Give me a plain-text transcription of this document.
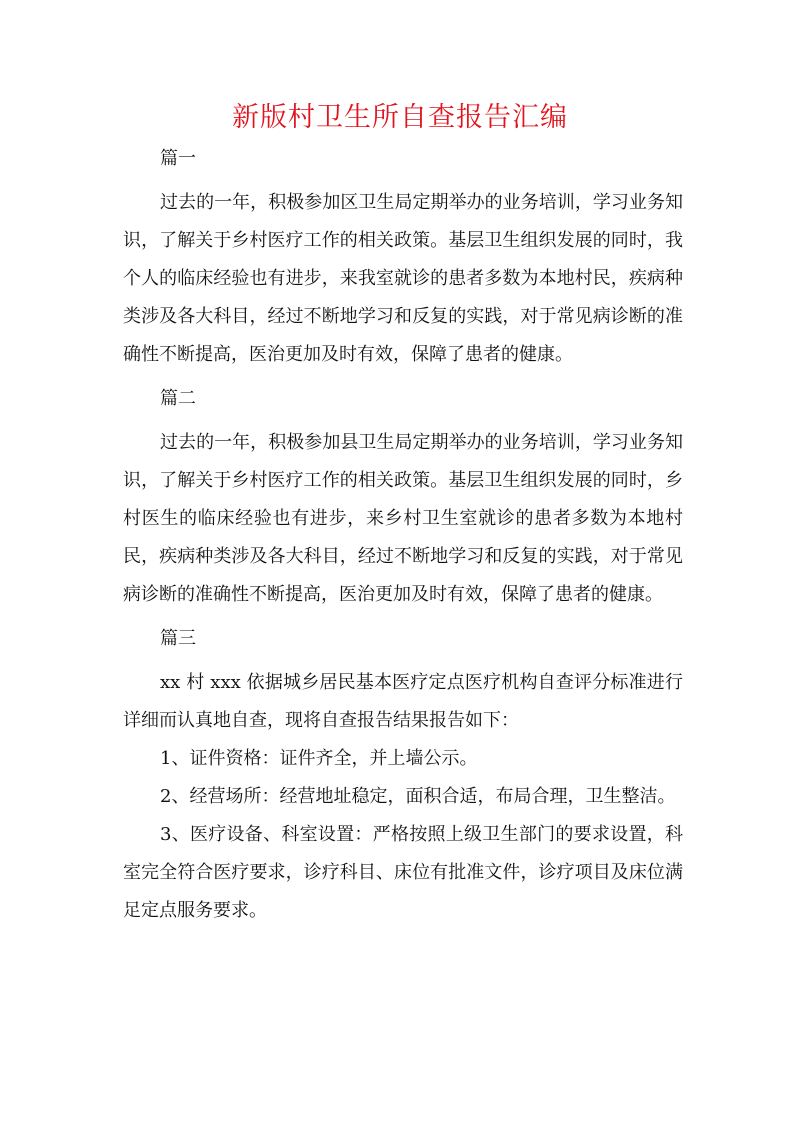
新版村卫生所自查报告汇编

篇一

过去的一年，积极参加区卫生局定期举办的业务培训，学习业务知识，了解关于乡村医疗工作的相关政策。基层卫生组织发展的同时，我个人的临床经验也有进步，来我室就诊的患者多数为本地村民，疾病种类涉及各大科目，经过不断地学习和反复的实践，对于常见病诊断的准确性不断提高，医治更加及时有效，保障了患者的健康。

篇二

过去的一年，积极参加县卫生局定期举办的业务培训，学习业务知识，了解关于乡村医疗工作的相关政策。基层卫生组织发展的同时，乡村医生的临床经验也有进步，来乡村卫生室就诊的患者多数为本地村民，疾病种类涉及各大科目，经过不断地学习和反复的实践，对于常见病诊断的准确性不断提高，医治更加及时有效，保障了患者的健康。

篇三

xx 村 xxx 依据城乡居民基本医疗定点医疗机构自查评分标准进行详细而认真地自查，现将自查报告结果报告如下：

1、证件资格：证件齐全，并上墙公示。

2、经营场所：经营地址稳定，面积合适，布局合理，卫生整洁。

3、医疗设备、科室设置：严格按照上级卫生部门的要求设置，科室完全符合医疗要求，诊疗科目、床位有批准文件，诊疗项目及床位满足定点服务要求。
